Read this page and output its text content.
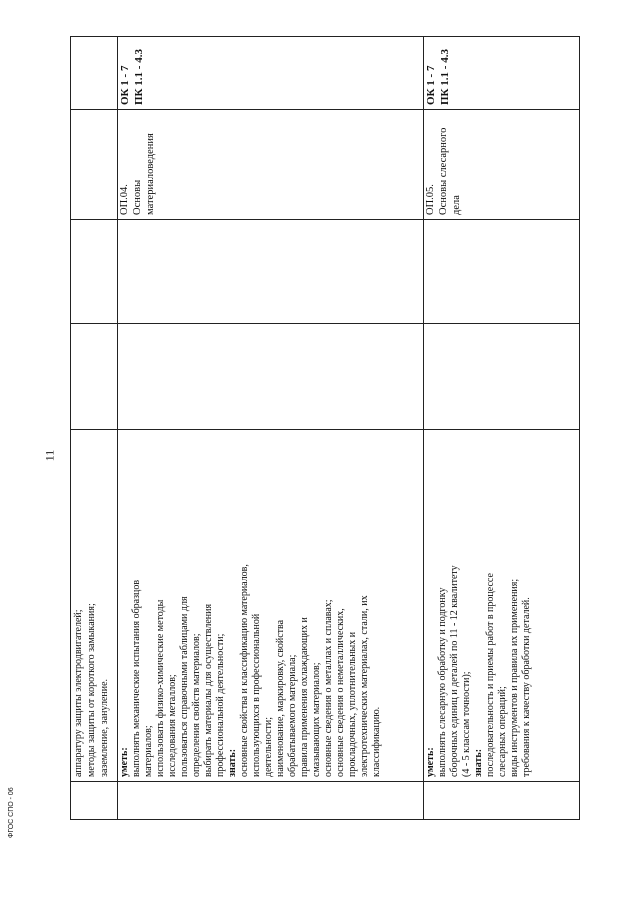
11
ФГОС СПО - 06
аппаратуру защиты электродвигателей; методы защиты от короткого замыкания; заземление, зануление. уметь: выполнять механические испытания образцов материалов; использовать физико-химические методы исследования металлов; пользоваться справочными таблицами для определения свойств материалов; выбирать материалы для осуществления профессиональной деятельности; знать: основные свойства и классификацию материалов, использующихся в профессиональной деятельности; наименование, маркировку, свойства обрабатываемого материала; правила применения охлаждающих и смазывающих материалов; основные сведения о металлах и сплавах; основные сведения о неметаллических, прокладочных, уплотнительных и электротехнических материалах, стали, их классификацию.
ОП.04. Основы материаловедения
ОК 1 - 7 ПК 1.1 - 4.3
уметь: выполнять слесарную обработку и подгонку сборочных единиц и деталей по 11 - 12 квалитету (4 - 5 классам точности); знать: последовательность и приемы работ в процессе слесарных операций; виды инструментов и правила их применения; требования к качеству обработки деталей.
ОП.05. Основы слесарного дела
ОК 1 - 7 ПК 1.1 - 4.3
